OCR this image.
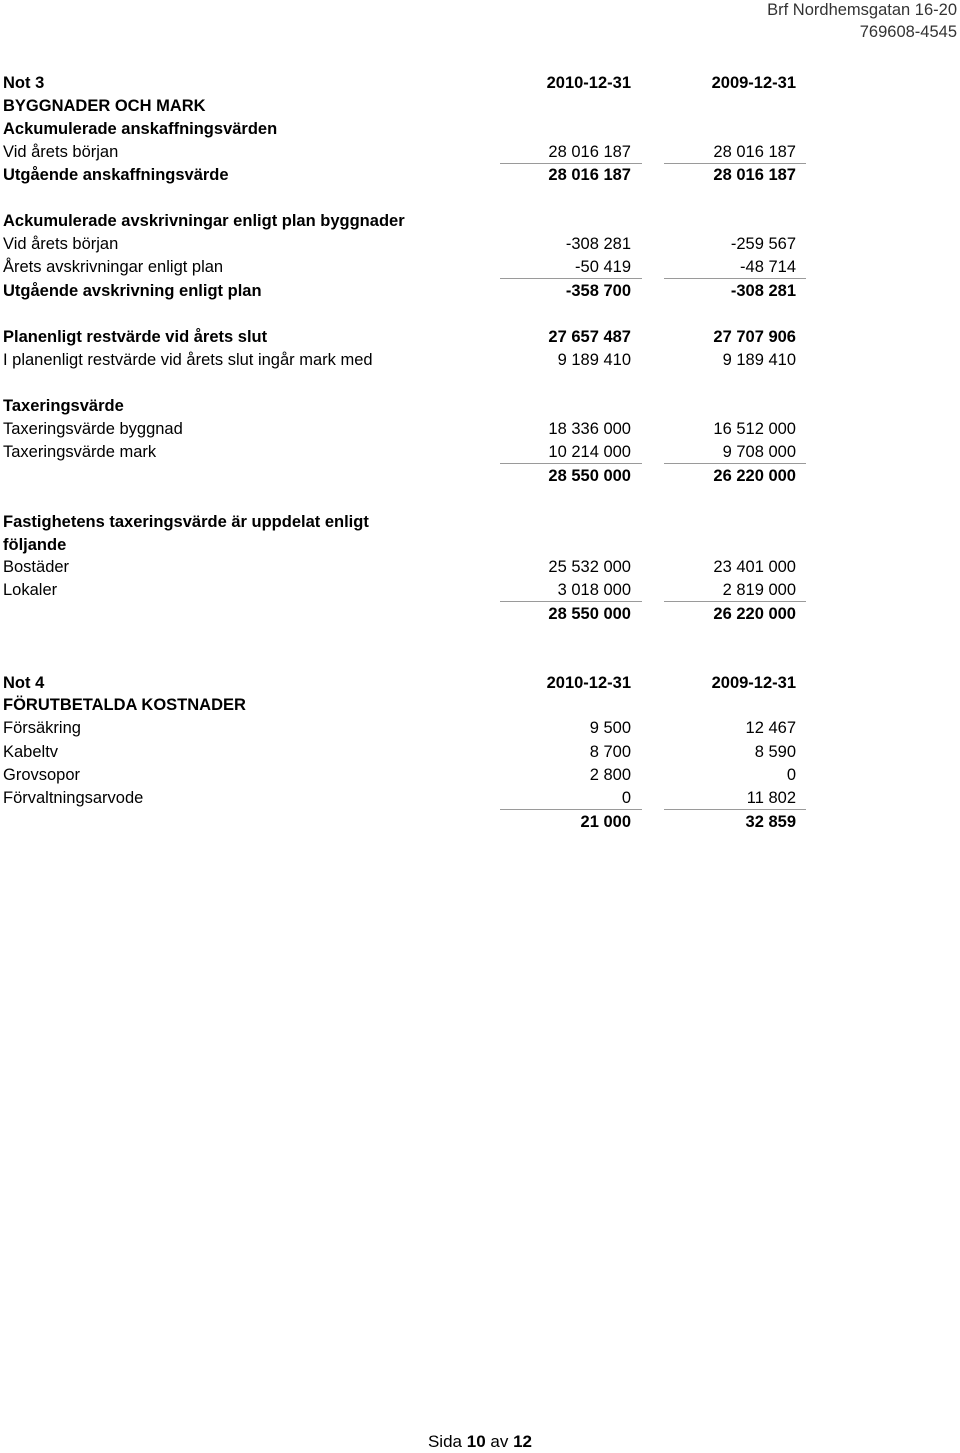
Brf Nordhemsgatan 16-20
769608-4545
Not 3	2010-12-31	2009-12-31
BYGGNADER OCH MARK
Ackumulerade anskaffningsvärden
Vid årets början	28 016 187	28 016 187
Utgående anskaffningsvärde	28 016 187	28 016 187
Ackumulerade avskrivningar enligt plan byggnader
Vid årets början	-308 281	-259 567
Årets avskrivningar enligt plan	-50 419	-48 714
Utgående avskrivning enligt plan	-358 700	-308 281
Planenligt restvärde vid årets slut	27 657 487	27 707 906
I planenligt restvärde vid årets slut ingår mark med	9 189 410	9 189 410
Taxeringsvärde
Taxeringsvärde byggnad	18 336 000	16 512 000
Taxeringsvärde mark	10 214 000	9 708 000
28 550 000	26 220 000
Fastighetens taxeringsvärde är uppdelat enligt
följande
Bostäder	25 532 000	23 401 000
Lokaler	3 018 000	2 819 000
28 550 000	26 220 000
Not 4	2010-12-31	2009-12-31
FÖRUTBETALDA KOSTNADER
Försäkring	9 500	12 467
Kabeltv	8 700	8 590
Grovsopor	2 800	0
Förvaltningsarvode	0	11 802
21 000	32 859
Sida 10 av 12
